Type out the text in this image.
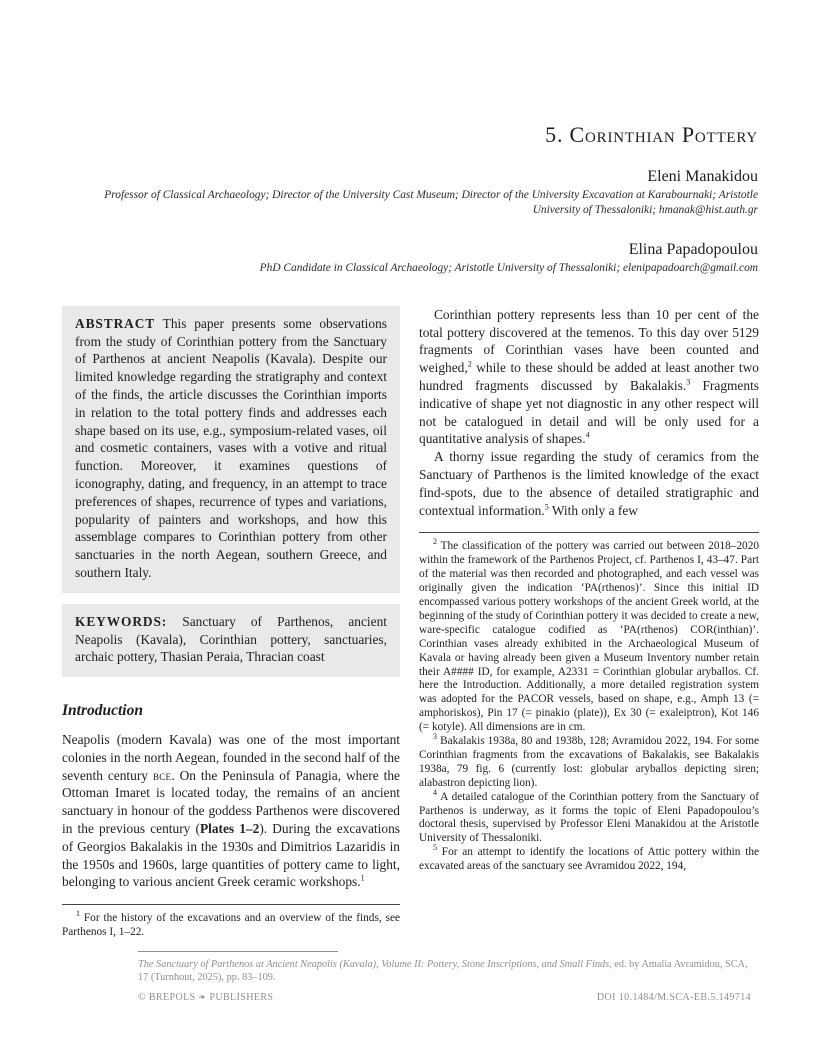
5. Corinthian Pottery
Eleni Manakidou
Professor of Classical Archaeology; Director of the University Cast Museum; Director of the University Excavation at Karabournaki; Aristotle University of Thessaloniki; hmanak@hist.auth.gr
Elina Papadopoulou
PhD Candidate in Classical Archaeology; Aristotle University of Thessaloniki; elenipapadoarch@gmail.com

ABSTRACT This paper presents some observations from the study of Corinthian pottery from the Sanctuary of Parthenos at ancient Neapolis (Kavala). Despite our limited knowledge regarding the stratigraphy and context of the finds, the article discusses the Corinthian imports in relation to the total pottery finds and addresses each shape based on its use, e.g., symposium-related vases, oil and cosmetic containers, vases with a votive and ritual function. Moreover, it examines questions of iconography, dating, and frequency, in an attempt to trace preferences of shapes, recurrence of types and variations, popularity of painters and workshops, and how this assemblage compares to Corinthian pottery from other sanctuaries in the north Aegean, southern Greece, and southern Italy.

KEYWORDS: Sanctuary of Parthenos, ancient Neapolis (Kavala), Corinthian pottery, sanctuaries, archaic pottery, Thasian Peraia, Thracian coast

Introduction

Neapolis (modern Kavala) was one of the most important colonies in the north Aegean, founded in the second half of the seventh century bce. On the Peninsula of Panagia, where the Ottoman Imaret is located today, the remains of an ancient sanctuary in honour of the goddess Parthenos were discovered in the previous century (Plates 1–2). During the excavations of Georgios Bakalakis in the 1930s and Dimitrios Lazaridis in the 1950s and 1960s, large quantities of pottery came to light, belonging to various ancient Greek ceramic workshops.$^1$

$^1$ For the history of the excavations and an overview of the finds, see Parthenos I, 1–22.

Corinthian pottery represents less than 10 per cent of the total pottery discovered at the temenos. To this day over 5129 fragments of Corinthian vases have been counted and weighed,$^2$ while to these should be added at least another two hundred fragments discussed by Bakalakis.$^3$ Fragments indicative of shape yet not diagnostic in any other respect will not be catalogued in detail and will be only used for a quantitative analysis of shapes.$^4$

A thorny issue regarding the study of ceramics from the Sanctuary of Parthenos is the limited knowledge of the exact find-spots, due to the absence of detailed stratigraphic and contextual information.$^5$ With only a few

$^2$ The classification of the pottery was carried out between 2018–2020 within the framework of the Parthenos Project, cf. Parthenos I, 43–47. Part of the material was then recorded and photographed, and each vessel was originally given the indication ‘PA(rthenos)’. Since this initial ID encompassed various pottery workshops of the ancient Greek world, at the beginning of the study of Corinthian pottery it was decided to create a new, ware-specific catalogue codified as ‘PA(rthenos) COR(inthian)’. Corinthian vases already exhibited in the Archaeological Museum of Kavala or having already been given a Museum Inventory number retain their A#### ID, for example, A2331 = Corinthian globular aryballos. Cf. here the Introduction. Additionally, a more detailed registration system was adopted for the PACOR vessels, based on shape, e.g., Amph 13 (= amphoriskos), Pin 17 (= pinakio (plate)), Ex 30 (= exaleiptron), Kot 146 (= kotyle). All dimensions are in cm.

$^3$ Bakalakis 1938a, 80 and 1938b, 128; Avramidou 2022, 194. For some Corinthian fragments from the excavations of Bakalakis, see Bakalakis 1938a, 79 fig. 6 (currently lost: globular aryballos depicting siren; alabastron depicting lion).

$^4$ A detailed catalogue of the Corinthian pottery from the Sanctuary of Parthenos is underway, as it forms the topic of Eleni Papadopoulou’s doctoral thesis, supervised by Professor Eleni Manakidou at the Aristotle University of Thessaloniki.

$^5$ For an attempt to identify the locations of Attic pottery within the excavated areas of the sanctuary see Avramidou 2022, 194,

The Sanctuary of Parthenos at Ancient Neapolis (Kavala), Volume II: Pottery, Stone Inscriptions, and Small Finds, ed. by Amalia Avramidou, SCA, 17 (Turnhout, 2025), pp. 83–109.

© BREPOLS ❧ PUBLISHERS	DOI 10.1484/M.SCA-EB.5.149714
